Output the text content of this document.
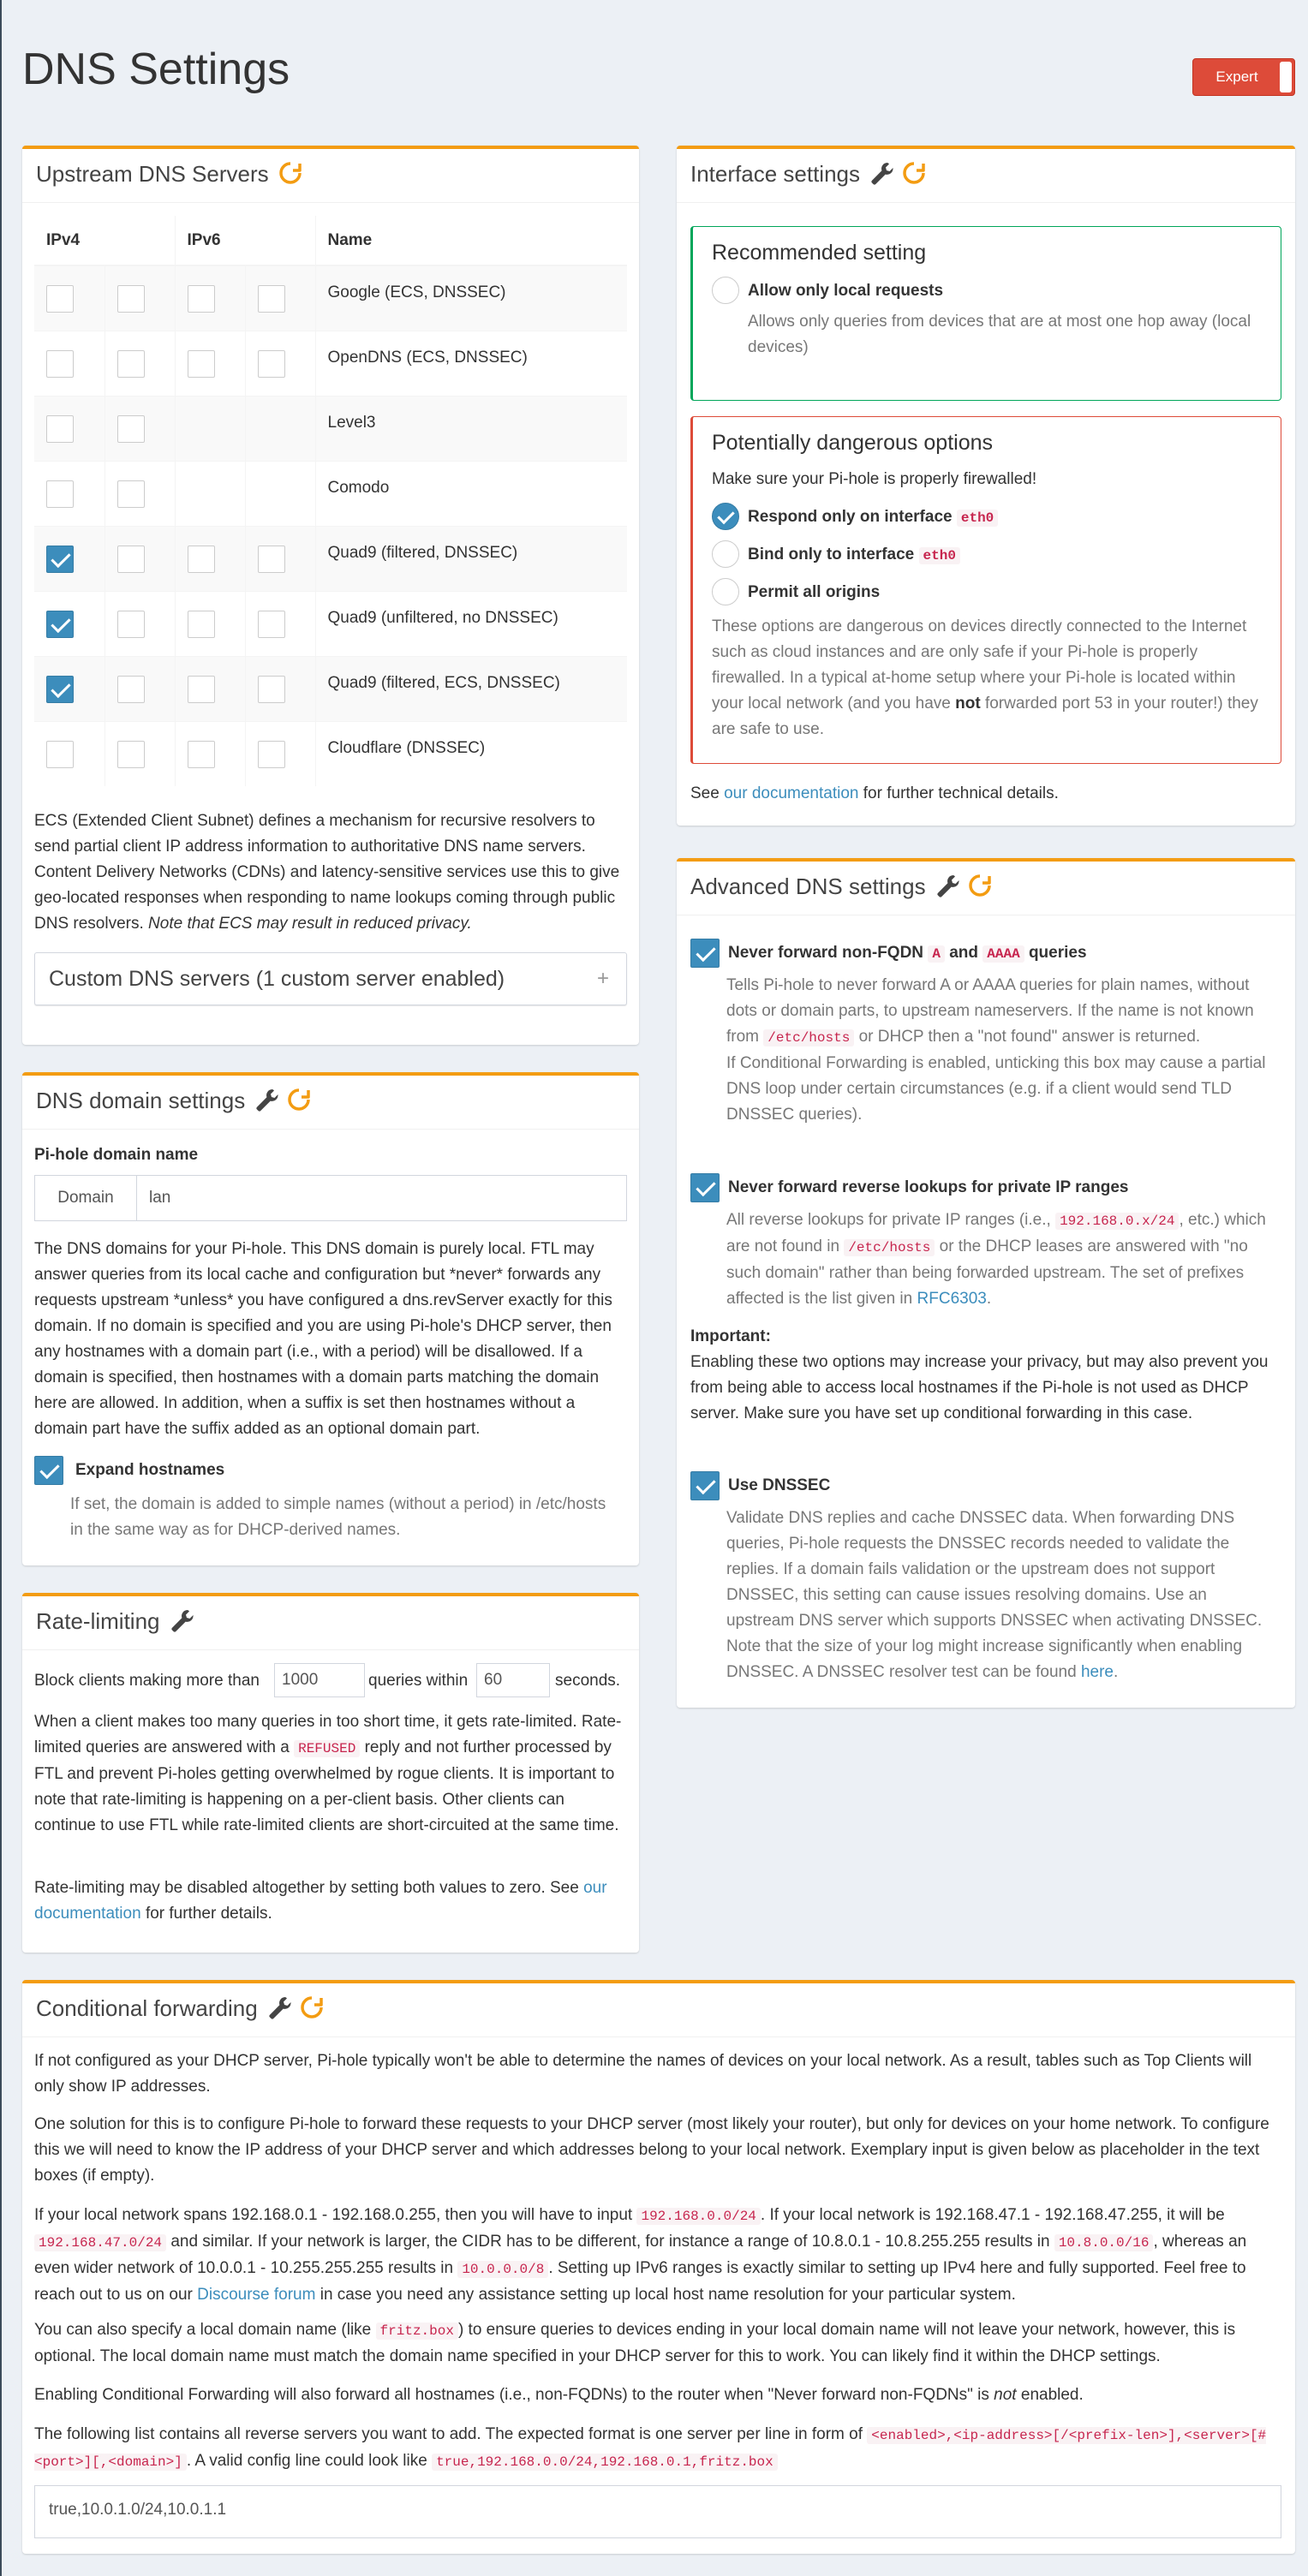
DNS Settings	Expert
Upstream DNS Servers
IPv4		IPv6		Name

	Google (ECS, DNSSEC)

	OpenDNS (ECS, DNSSEC)

			Level3

			Comodo

	Quad9 (filtered, DNSSEC)

	Quad9 (unfiltered, no DNSSEC)

	Quad9 (filtered, ECS, DNSSEC)

	Cloudflare (DNSSEC)
ECS (Extended Client Subnet) defines a mechanism for recursive resolvers to send partial client IP address information to authoritative DNS name servers. Content Delivery Networks (CDNs) and latency-sensitive services use this to give geo-located responses when responding to name lookups coming through public DNS resolvers. Note that ECS may result in reduced privacy.
Custom DNS servers (1 custom server enabled)	+
DNS domain settings
Pi-hole domain name
Domain	lan
The DNS domains for your Pi-hole. This DNS domain is purely local. FTL may answer queries from its local cache and configuration but *never* forwards any requests upstream *unless* you have configured a dns.revServer exactly for this domain. If no domain is specified and you are using Pi-hole's DHCP server, then any hostnames with a domain part (i.e., with a period) will be disallowed. If a domain is specified, then hostnames with a domain parts matching the domain here are allowed. In addition, when a suffix is set then hostnames without a domain part have the suffix added as an optional domain part.
Expand hostnames
If set, the domain is added to simple names (without a period) in /etc/hosts in the same way as for DHCP-derived names.
Rate-limiting
Block clients making more than	1000	queries within 60	seconds.
When a client makes too many queries in too short time, it gets rate-limited. Rate-limited queries are answered with a REFUSED reply and not further processed by FTL and prevent Pi-holes getting overwhelmed by rogue clients. It is important to note that rate-limiting is happening on a per-client basis. Other clients can continue to use FTL while rate-limited clients are short-circuited at the same time.
Rate-limiting may be disabled altogether by setting both values to zero. See our documentation for further details.
Interface settings
Recommended setting
Allow only local requests
Allows only queries from devices that are at most one hop away (local devices)
Potentially dangerous options
Make sure your Pi-hole is properly firewalled!
Respond only on interface eth0
Bind only to interface eth0
Permit all origins
These options are dangerous on devices directly connected to the Internet such as cloud instances and are only safe if your Pi-hole is properly firewalled. In a typical at-home setup where your Pi-hole is located within your local network (and you have not forwarded port 53 in your router!) they are safe to use.
See our documentation for further technical details.
Advanced DNS settings
Never forward non-FQDN A and AAAA queries
Tells Pi-hole to never forward A or AAAA queries for plain names, without dots or domain parts, to upstream nameservers. If the name is not known from /etc/hosts or DHCP then a "not found" answer is returned.
If Conditional Forwarding is enabled, unticking this box may cause a partial DNS loop under certain circumstances (e.g. if a client would send TLD DNSSEC queries).
Never forward reverse lookups for private IP ranges
All reverse lookups for private IP ranges (i.e., 192.168.0.x/24 , etc.) which are not found in /etc/hosts or the DHCP leases are answered with "no such domain" rather than being forwarded upstream. The set of prefixes affected is the list given in RFC6303.
Important:
Enabling these two options may increase your privacy, but may also prevent you from being able to access local hostnames if the Pi-hole is not used as DHCP server. Make sure you have set up conditional forwarding in this case.
Use DNSSEC
Validate DNS replies and cache DNSSEC data. When forwarding DNS queries, Pi-hole requests the DNSSEC records needed to validate the replies. If a domain fails validation or the upstream does not support DNSSEC, this setting can cause issues resolving domains. Use an upstream DNS server which supports DNSSEC when activating DNSSEC. Note that the size of your log might increase significantly when enabling DNSSEC. A DNSSEC resolver test can be found here.
Conditional forwarding
If not configured as your DHCP server, Pi-hole typically won't be able to determine the names of devices on your local network. As a result, tables such as Top Clients will only show IP addresses.
One solution for this is to configure Pi-hole to forward these requests to your DHCP server (most likely your router), but only for devices on your home network. To configure this we will need to know the IP address of your DHCP server and which addresses belong to your local network. Exemplary input is given below as placeholder in the text boxes (if empty).
If your local network spans 192.168.0.1 - 192.168.0.255, then you will have to input 192.168.0.0/24 . If your local network is 192.168.47.1 - 192.168.47.255, it will be 192.168.47.0/24 and similar. If your network is larger, the CIDR has to be different, for instance a range of 10.8.0.1 - 10.8.255.255 results in 10.8.0.0/16 , whereas an even wider network of 10.0.0.1 - 10.255.255.255 results in 10.0.0.0/8 . Setting up IPv6 ranges is exactly similar to setting up IPv4 here and fully supported. Feel free to reach out to us on our Discourse forum in case you need any assistance setting up local host name resolution for your particular system.
You can also specify a local domain name (like fritz.box ) to ensure queries to devices ending in your local domain name will not leave your network, however, this is optional. The local domain name must match the domain name specified in your DHCP server for this to work. You can likely find it within the DHCP settings.
Enabling Conditional Forwarding will also forward all hostnames (i.e., non-FQDNs) to the router when "Never forward non-FQDNs" is not enabled.
The following list contains all reverse servers you want to add. The expected format is one server per line in form of <enabled>,<ip-address>[/<prefix-len>],<server>[#<port>][,<domain>] . A valid config line could look like true,192.168.0.0/24,192.168.0.1,fritz.box
true,10.0.1.0/24,10.0.1.1
